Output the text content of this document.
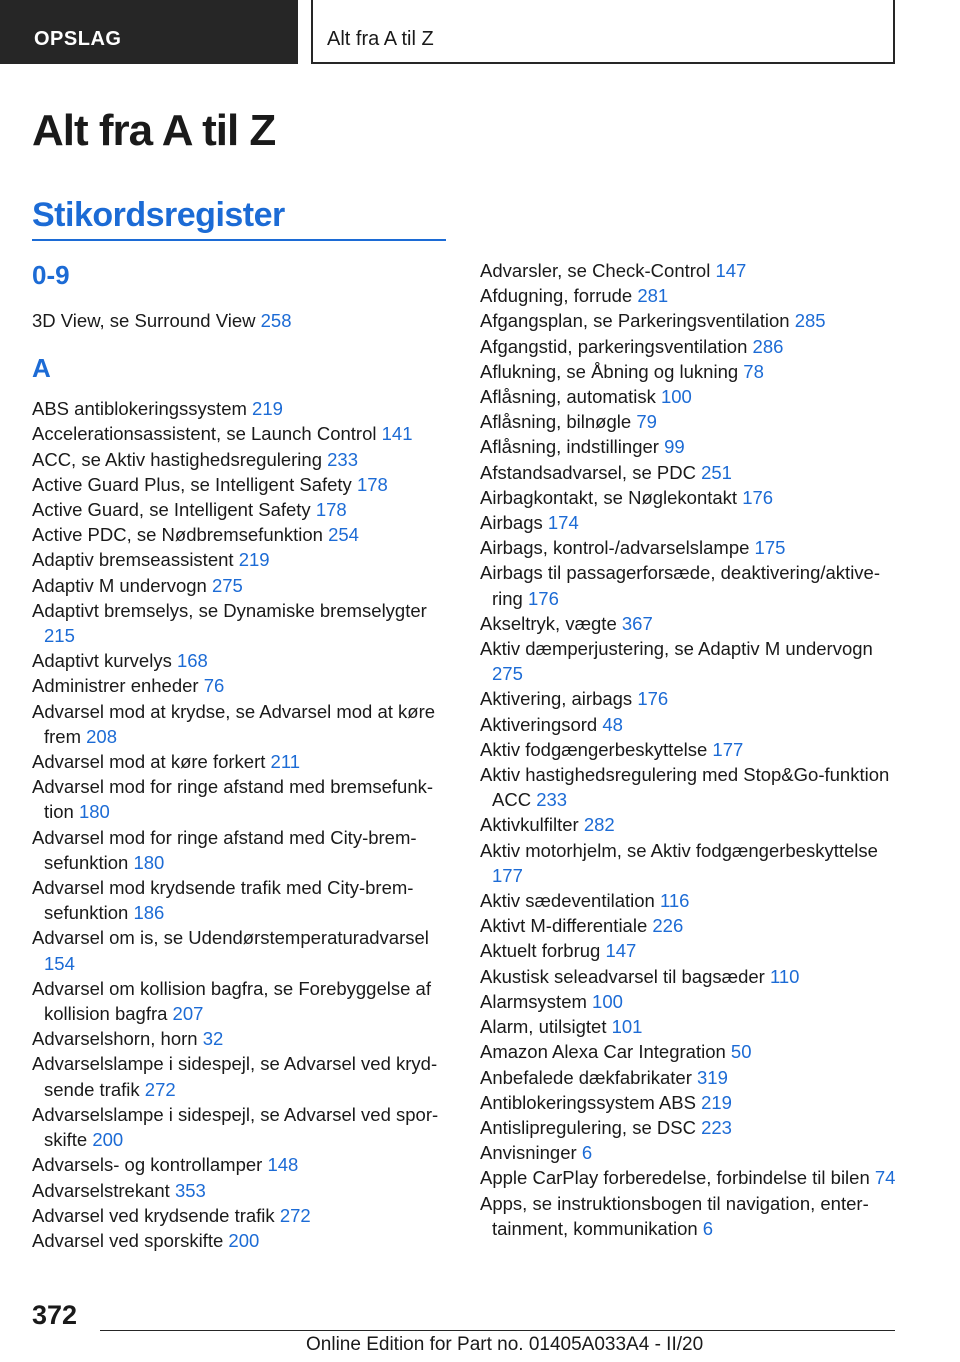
OPSLAG	Alt fra A til Z
Alt fra A til Z
Stikordsregister
0-9

3D View, se Surround View 258

A

ABS antiblokeringssystem 219

Accelerationsassistent, se Launch Control 141

ACC, se Aktiv hastighedsregulering 233

Active Guard Plus, se Intelligent Safety 178

Active Guard, se Intelligent Safety 178

Active PDC, se Nødbremsefunktion 254

Adaptiv bremseassistent 219

Adaptiv M undervogn 275

Adaptivt bremselys, se Dynamiske bremselygter 215

Adaptivt kurvelys 168

Administrer enheder 76

Advarsel mod at krydse, se Advarsel mod at køre frem 208

Advarsel mod at køre forkert 211

Advarsel mod for ringe afstand med bremsefunktion 180

Advarsel mod for ringe afstand med City-bremsefunktion 180

Advarsel mod krydsende trafik med City-bremsefunktion 186

Advarsel om is, se Udendørstemperaturadvarsel 154

Advarsel om kollision bagfra, se Forebyggelse af kollision bagfra 207

Advarselshorn, horn 32

Advarselslampe i sidespejl, se Advarsel ved krydsende trafik 272

Advarselslampe i sidespejl, se Advarsel ved sporskifte 200

Advarsels- og kontrollamper 148

Advarselstrekant 353

Advarsel ved krydsende trafik 272

Advarsel ved sporskifte 200

Advarsler, se Check-Control 147

Afdugning, forrude 281

Afgangsplan, se Parkeringsventilation 285

Afgangstid, parkeringsventilation 286

Aflukning, se Åbning og lukning 78

Aflåsning, automatisk 100

Aflåsning, bilnøgle 79

Aflåsning, indstillinger 99

Afstandsadvarsel, se PDC 251

Airbagkontakt, se Nøglekontakt 176

Airbags 174

Airbags, kontrol-/advarselslampe 175

Airbags til passagerforsæde, deaktivering/aktivering 176

Akseltryk, vægte 367

Aktiv dæmperjustering, se Adaptiv M undervogn 275

Aktivering, airbags 176

Aktiveringsord 48

Aktiv fodgængerbeskyttelse 177

Aktiv hastighedsregulering med Stop&Go-funktion ACC 233

Aktivkulfilter 282

Aktiv motorhjelm, se Aktiv fodgængerbeskyttelse 177

Aktiv sædeventilation 116

Aktivt M-differentiale 226

Aktuelt forbrug 147

Akustisk seleadvarsel til bagsæder 110

Alarmsystem 100

Alarm, utilsigtet 101

Amazon Alexa Car Integration 50

Anbefalede dækfabrikater 319

Antiblokeringssystem ABS 219

Antislipregulering, se DSC 223

Anvisninger 6

Apple CarPlay forberedelse, forbindelse til bilen 74

Apps, se instruktionsbogen til navigation, entertainment, kommunikation 6

372
Online Edition for Part no. 01405A033A4 - II/20
